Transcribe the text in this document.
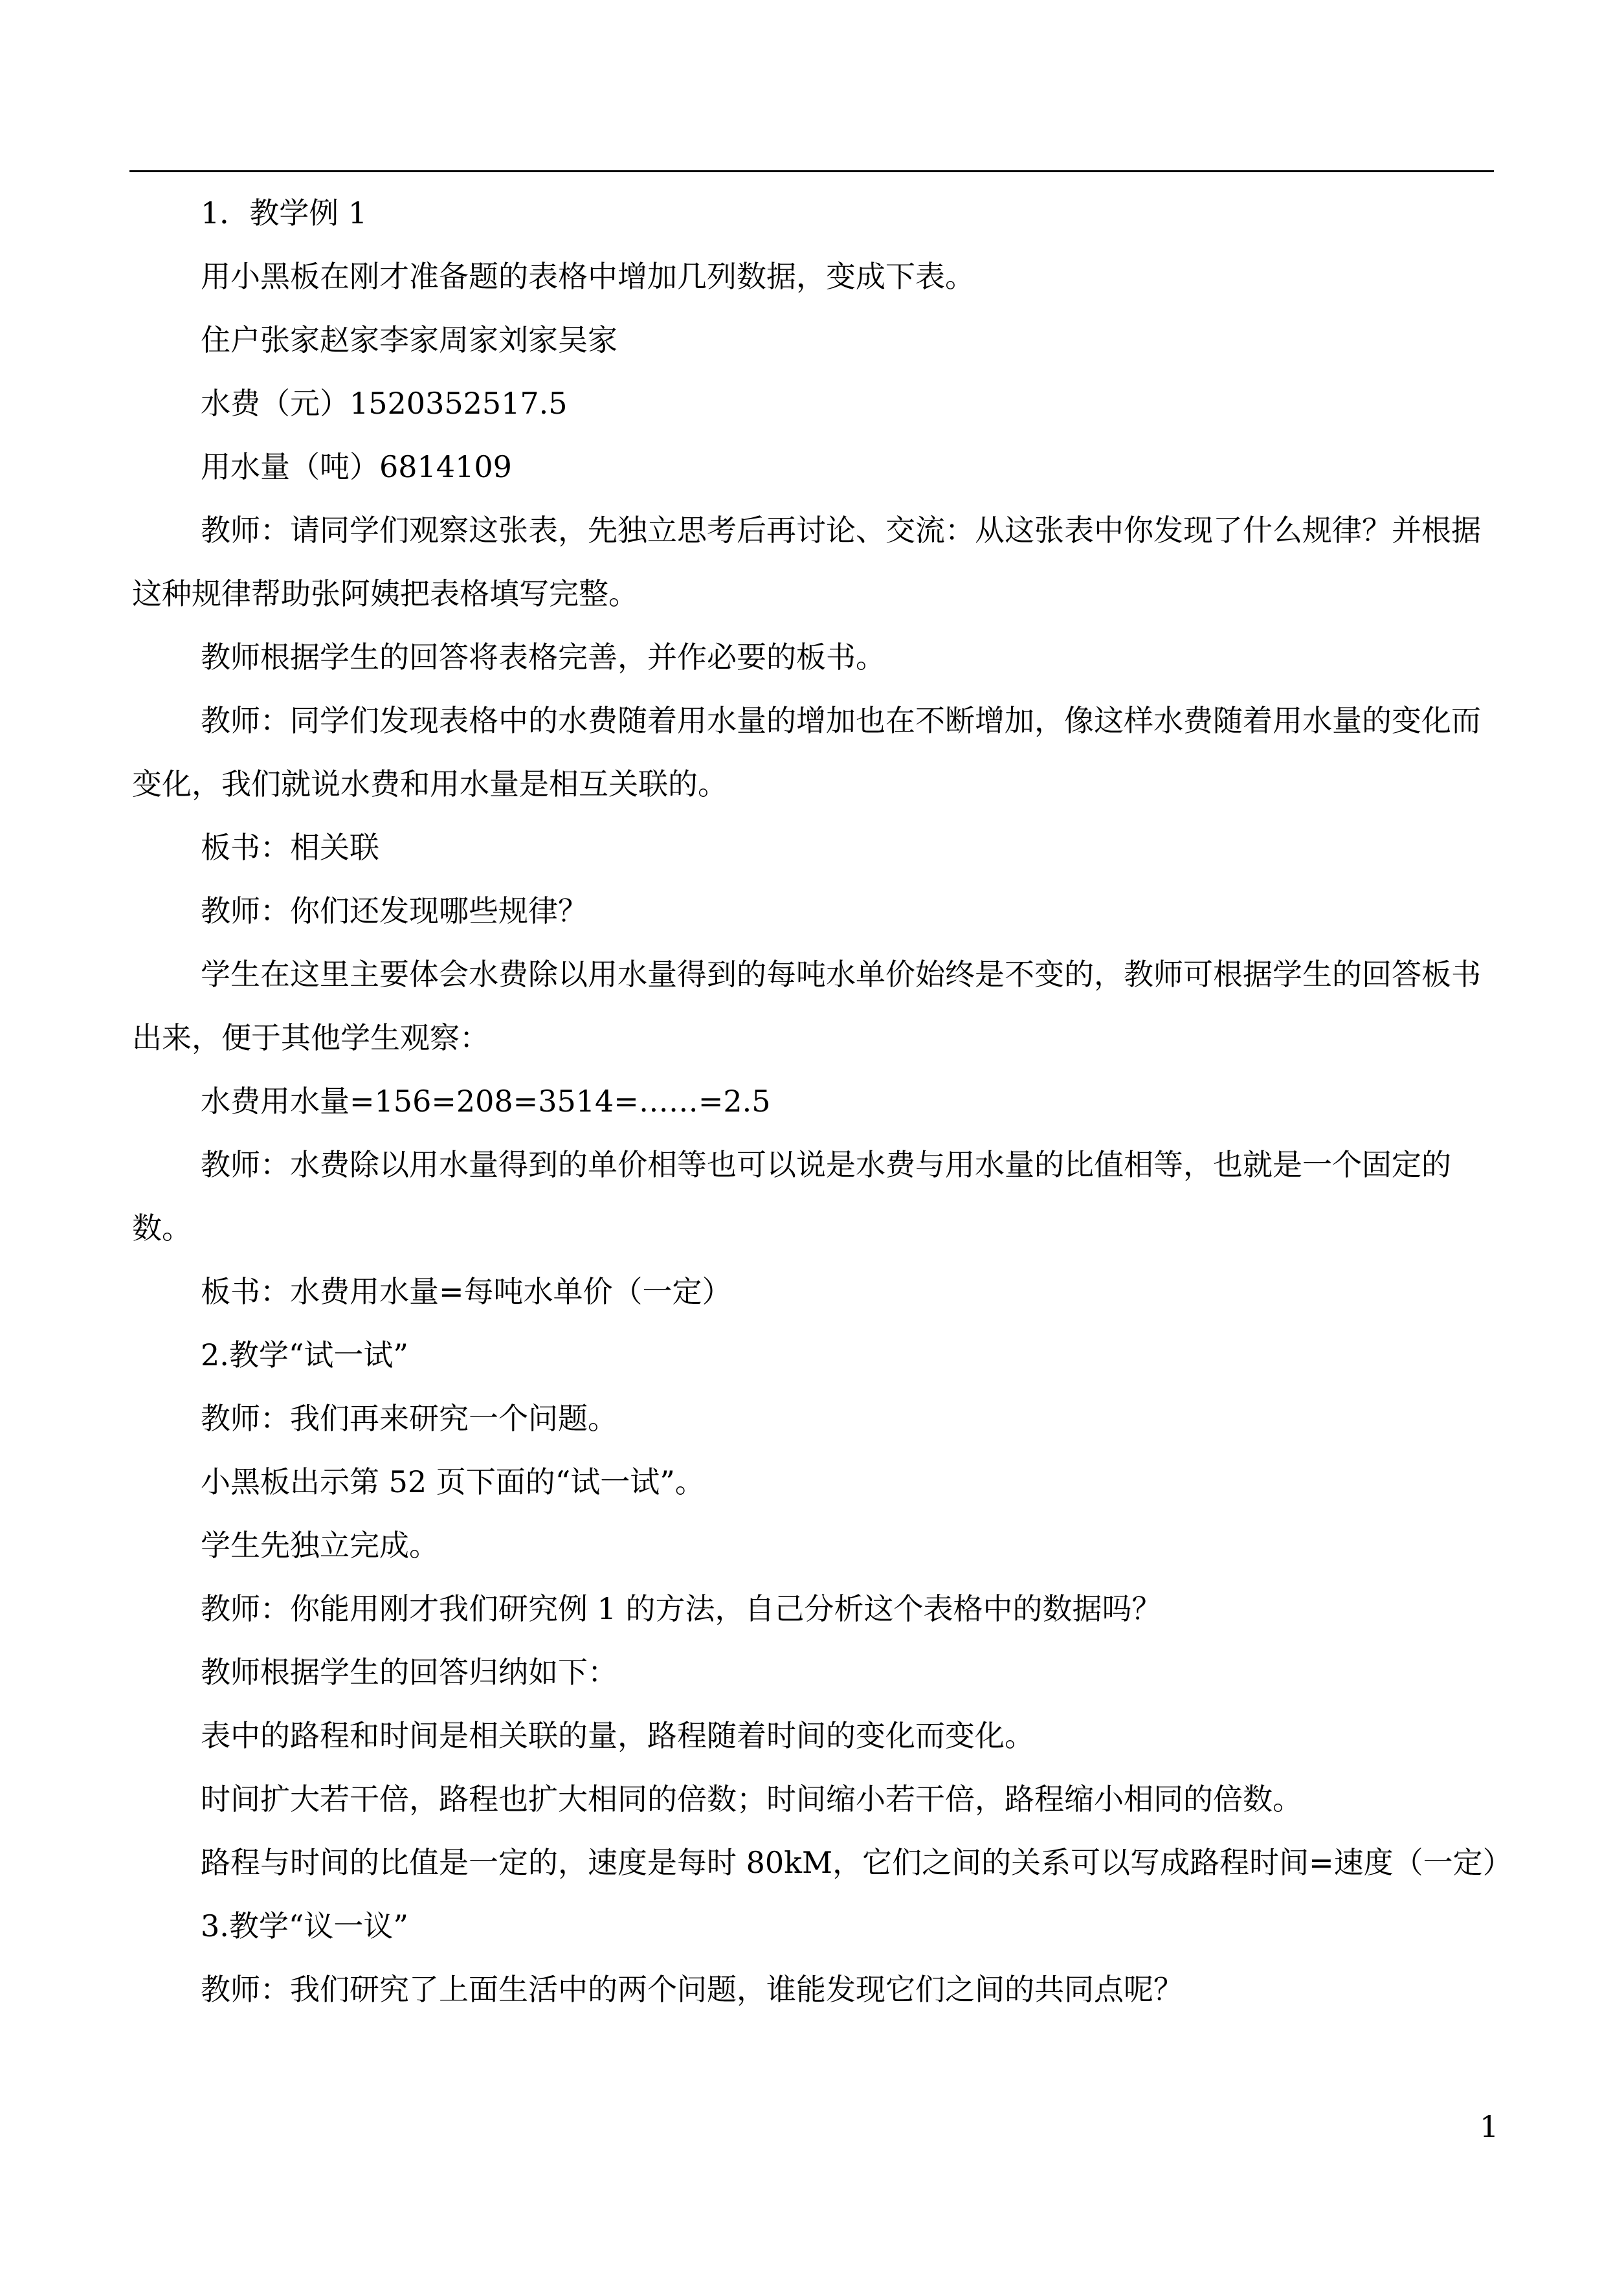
1．教学例 1

用小黑板在刚才准备题的表格中增加几列数据，变成下表。

住户张家赵家李家周家刘家吴家

水费（元）1520352517.5

用水量（吨）6814109

教师：请同学们观察这张表，先独立思考后再讨论、交流：从这张表中你发现了什么规律？并根据这种规律帮助张阿姨把表格填写完整。

教师根据学生的回答将表格完善，并作必要的板书。

教师：同学们发现表格中的水费随着用水量的增加也在不断增加，像这样水费随着用水量的变化而变化，我们就说水费和用水量是相互关联的。

板书：相关联

教师：你们还发现哪些规律？

学生在这里主要体会水费除以用水量得到的每吨水单价始终是不变的，教师可根据学生的回答板书出来，便于其他学生观察：

水费用水量=156=208=3514=……=2.5

教师：水费除以用水量得到的单价相等也可以说是水费与用水量的比值相等，也就是一个固定的数。

板书：水费用水量=每吨水单价（一定）

2.教学“试一试”

教师：我们再来研究一个问题。

小黑板出示第 52 页下面的“试一试”。

学生先独立完成。

教师：你能用刚才我们研究例 1 的方法，自己分析这个表格中的数据吗？

教师根据学生的回答归纳如下：

表中的路程和时间是相关联的量，路程随着时间的变化而变化。

时间扩大若干倍，路程也扩大相同的倍数；时间缩小若干倍，路程缩小相同的倍数。

路程与时间的比值是一定的，速度是每时 80kM，它们之间的关系可以写成路程时间=速度（一定）

3.教学“议一议”

教师：我们研究了上面生活中的两个问题，谁能发现它们之间的共同点呢？

1
